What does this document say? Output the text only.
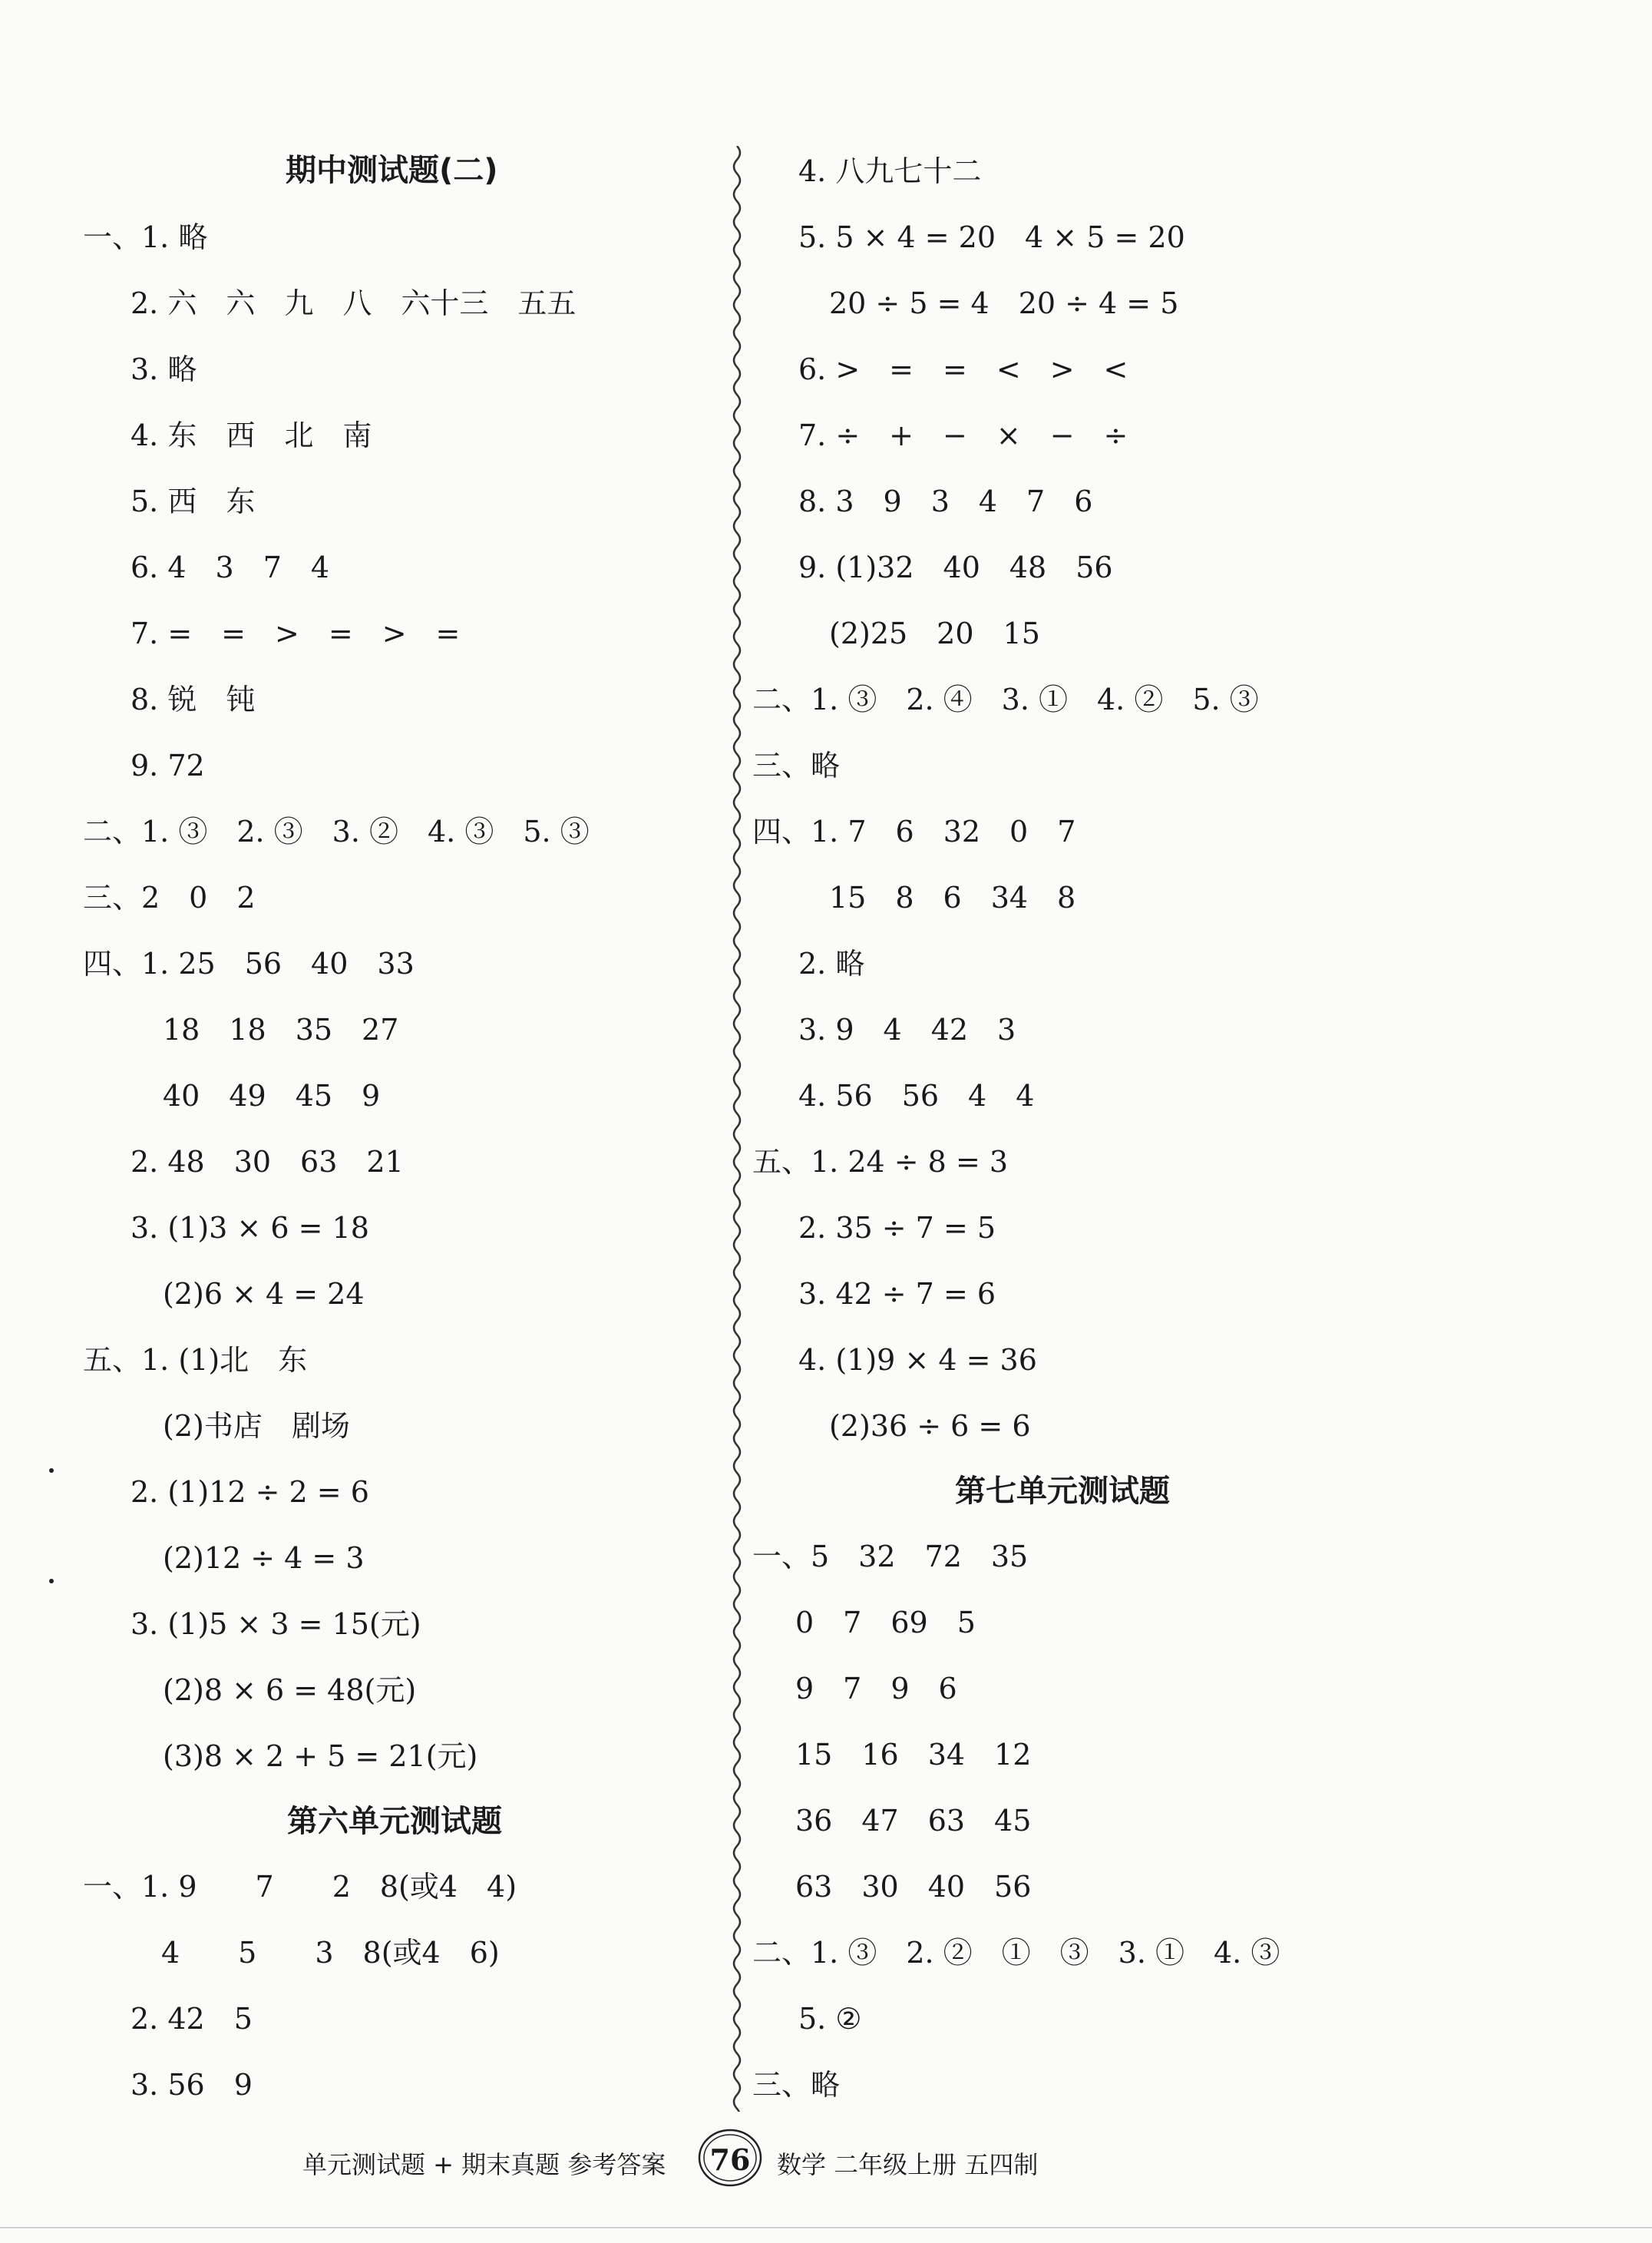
期中测试题(二)
一、1. 略
2. 六　六　九　八　六十三　五五
3. 略
4. 东　西　北　南
5. 西　东
6. 4　3　7　4
7. =　=　>　=　>　=
8. 锐　钝
9. 72
二、1. ③　2. ③　3. ②　4. ③　5. ③
三、2　0　2
四、1. 25　56　40　33
18　18　35　27
40　49　45　9
2. 48　30　63　21
3. (1)3 × 6 = 18
(2)6 × 4 = 24
五、1. (1)北　东
(2)书店　剧场
2. (1)12 ÷ 2 = 6
(2)12 ÷ 4 = 3
3. (1)5 × 3 = 15(元)
(2)8 × 6 = 48(元)
(3)8 × 2 + 5 = 21(元)
第六单元测试题
一、1. 9　　7　　2　8(或4　4)
4　　5　　3　8(或4　6)
2. 42　5
3. 56　9
4. 八九七十二
5. 5 × 4 = 20　4 × 5 = 20
20 ÷ 5 = 4　20 ÷ 4 = 5
6. >　=　=　<　>　<
7. ÷　+　−　×　−　÷
8. 3　9　3　4　7　6
9. (1)32　40　48　56
(2)25　20　15
二、1. ③　2. ④　3. ①　4. ②　5. ③
三、略
四、1. 7　6　32　0　7
15　8　6　34　8
2. 略
3. 9　4　42　3
4. 56　56　4　4
五、1. 24 ÷ 8 = 3
2. 35 ÷ 7 = 5
3. 42 ÷ 7 = 6
4. (1)9 × 4 = 36
(2)36 ÷ 6 = 6
第七单元测试题
一、5　32　72　35
0　7　69　5
9　7　9　6
15　16　34　12
36　47　63　45
63　30　40　56
二、1. ③　2. ②　①　③　3. ①　4. ③
5. ②
三、略
单元测试题 + 期末真题 参考答案	76	数学 二年级上册 五四制
